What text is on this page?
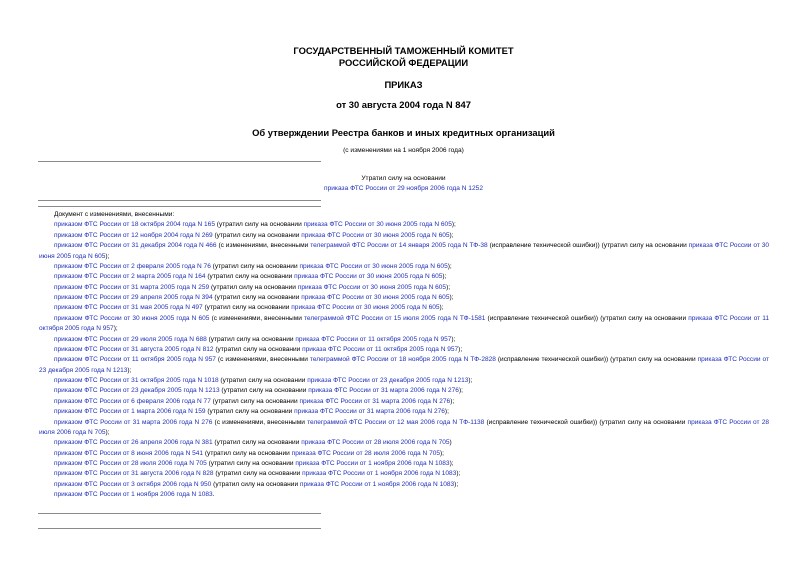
ГОСУДАРСТВЕННЫЙ ТАМОЖЕННЫЙ КОМИТЕТ
РОССИЙСКОЙ ФЕДЕРАЦИИ
ПРИКАЗ
от 30 августа 2004 года N 847
Об утверждении Реестра банков и иных кредитных организаций
(с изменениями на 1 ноября 2006 года)
Утратил силу на основании
приказа ФТС России от 29 ноября 2006 года N 1252

Документ с изменениями, внесенными:

приказом ФТС России от 18 октября 2004 года N 165 (утратил силу на основании приказа ФТС России от 30 июня 2005 года N 605);

приказом ФТС России от 12 ноября 2004 года N 269 (утратил силу на основании приказа ФТС России от 30 июня 2005 года N 605);

приказом ФТС России от 31 декабря 2004 года N 466 (с изменениями, внесенными телеграммой ФТС России от 14 января 2005 года N ТФ-38 (исправление технической ошибки)) (утратил силу на основании приказа ФТС России от 30 июня 2005 года N 605);

приказом ФТС России от 2 февраля 2005 года N 76 (утратил силу на основании приказа ФТС России от 30 июня 2005 года N 605);

приказом ФТС России от 2 марта 2005 года N 164 (утратил силу на основании приказа ФТС России от 30 июня 2005 года N 605);

приказом ФТС России от 31 марта 2005 года N 259 (утратил силу на основании приказа ФТС России от 30 июня 2005 года N 605);

приказом ФТС России от 29 апреля 2005 года N 394 (утратил силу на основании приказа ФТС России от 30 июня 2005 года N 605);

приказом ФТС России от 31 мая 2005 года N 497 (утратил силу на основании приказа ФТС России от 30 июня 2005 года N 605);

приказом ФТС России от 30 июня 2005 года N 605 (с изменениями, внесенными телеграммой ФТС России от 15 июля 2005 года N ТФ-1581 (исправление технической ошибки)) (утратил силу на основании приказа ФТС России от 11 октября 2005 года N 957);

приказом ФТС России от 29 июля 2005 года N 688 (утратил силу на основании приказа ФТС России от 11 октября 2005 года N 957);

приказом ФТС России от 31 августа 2005 года N 812 (утратил силу на основании приказа ФТС России от 11 октября 2005 года N 957);

приказом ФТС России от 11 октября 2005 года N 957 (с изменениями, внесенными телеграммой ФТС России от 18 ноября 2005 года N ТФ-2828 (исправление технической ошибки)) (утратил силу на основании приказа ФТС России от 23 декабря 2005 года N 1213);

приказом ФТС России от 31 октября 2005 года N 1018 (утратил силу на основании приказа ФТС России от 23 декабря 2005 года N 1213);

приказом ФТС России от 23 декабря 2005 года N 1213 (утратил силу на основании приказа ФТС России от 31 марта 2006 года N 276);

приказом ФТС России от 6 февраля 2006 года N 77 (утратил силу на основании приказа ФТС России от 31 марта 2006 года N 276);

приказом ФТС России от 1 марта 2006 года N 159 (утратил силу на основании приказа ФТС России от 31 марта 2006 года N 276);

приказом ФТС России от 31 марта 2006 года N 276 (с изменениями, внесенными телеграммой ФТС России от 12 мая 2006 года N ТФ-1138 (исправление технической ошибки)) (утратил силу на основании приказа ФТС России от 28 июля 2006 года N 705);

приказом ФТС России от 26 апреля 2006 года N 381 (утратил силу на основании приказа ФТС России от 28 июля 2006 года N 705)

приказом ФТС России от 8 июня 2006 года N 541 (утратил силу на основании приказа ФТС России от 28 июля 2006 года N 705);

приказом ФТС России от 28 июля 2006 года N 705 (утратил силу на основании приказа ФТС России от 1 ноября 2006 года N 1083);

приказом ФТС России от 31 августа 2006 года N 828 (утратил силу на основании приказа ФТС России от 1 ноября 2006 года N 1083);

приказом ФТС России от 3 октября 2006 года N 950 (утратил силу на основании приказа ФТС России от 1 ноября 2006 года N 1083);

приказом ФТС России от 1 ноября 2006 года N 1083.
